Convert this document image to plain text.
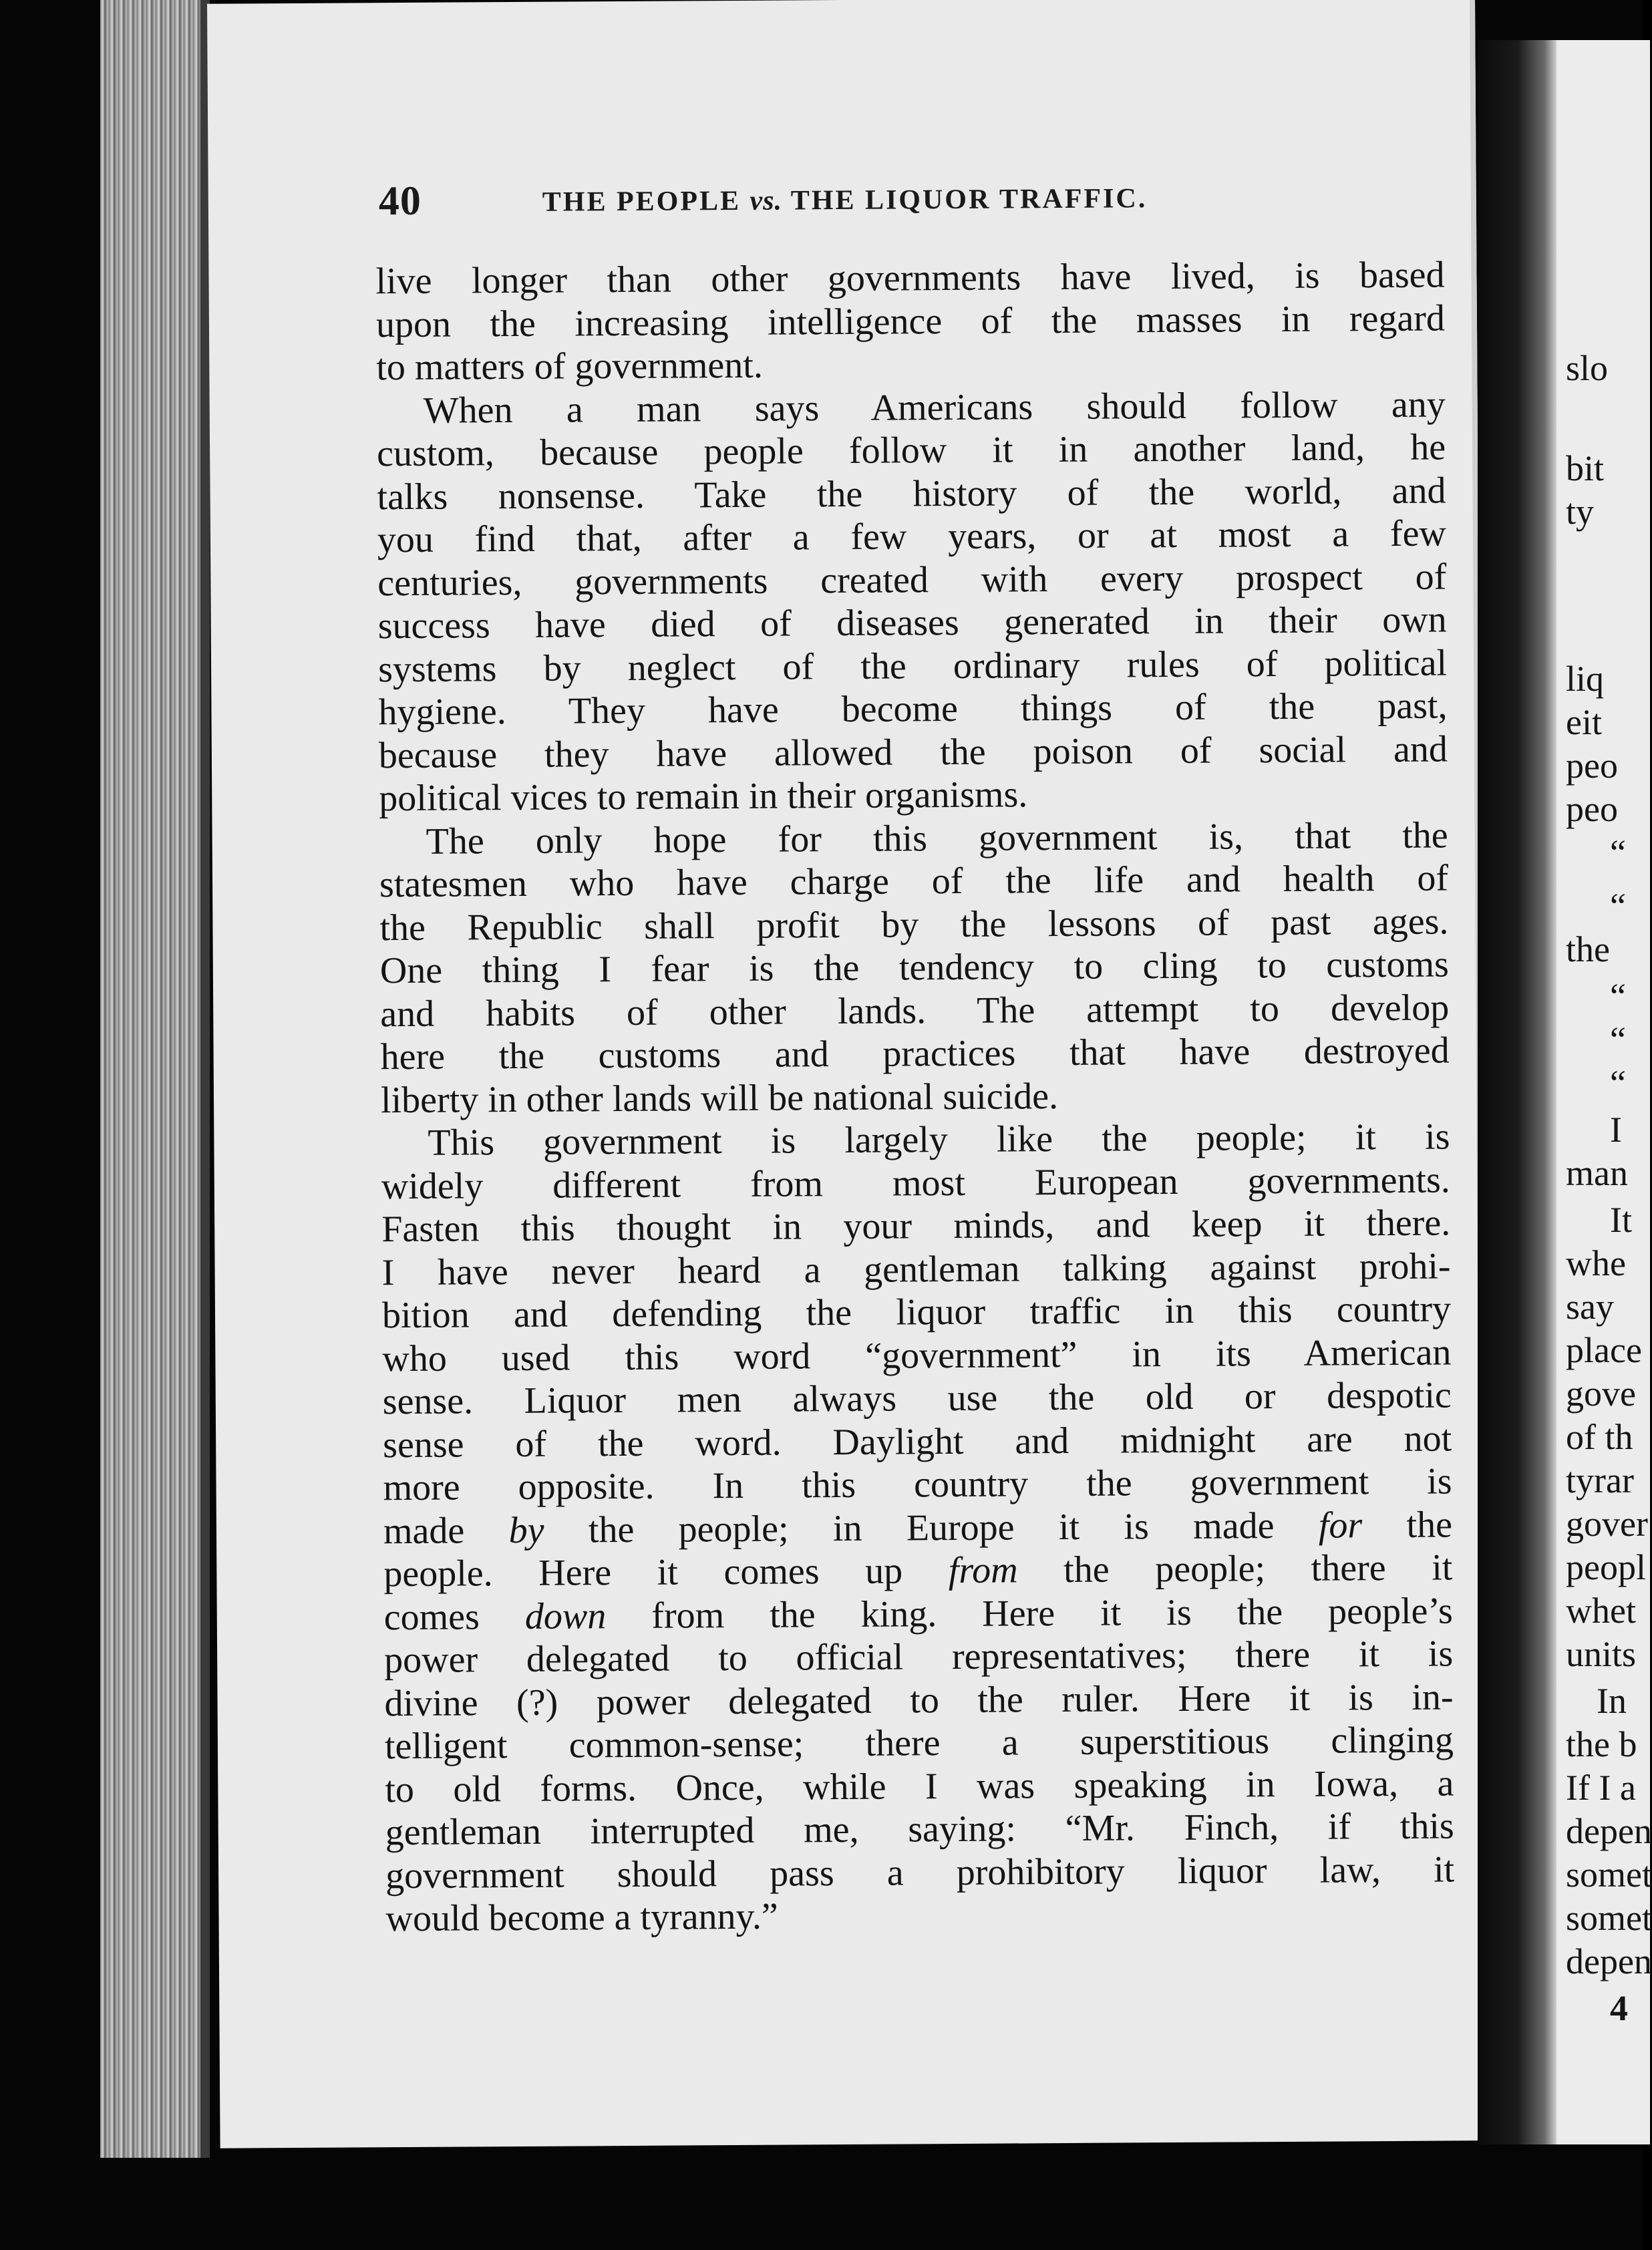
40	THE PEOPLE vs. THE LIQUOR TRAFFIC.
live longer than other governments have lived, is based
upon the increasing intelligence of the masses in regard
to matters of government.
When a man says Americans should follow any
custom, because people follow it in another land, he
talks nonsense. Take the history of the world, and
you find that, after a few years, or at most a few
centuries, governments created with every prospect of
success have died of diseases generated in their own
systems by neglect of the ordinary rules of political
hygiene. They have become things of the past,
because they have allowed the poison of social and
political vices to remain in their organisms.
The only hope for this government is, that the
statesmen who have charge of the life and health of
the Republic shall profit by the lessons of past ages.
One thing I fear is the tendency to cling to customs
and habits of other lands. The attempt to develop
here the customs and practices that have destroyed
liberty in other lands will be national suicide.
This government is largely like the people; it is
widely different from most European governments.
Fasten this thought in your minds, and keep it there.
I have never heard a gentleman talking against prohi-
bition and defending the liquor traffic in this country
who used this word “government” in its American
sense. Liquor men always use the old or despotic
sense of the word. Daylight and midnight are not
more opposite. In this country the government is
made by the people; in Europe it is made for the
people. Here it comes up from the people; there it
comes down from the king. Here it is the people’s
power delegated to official representatives; there it is
divine (?) power delegated to the ruler. Here it is in-
telligent common-sense; there a superstitious clinging
to old forms. Once, while I was speaking in Iowa, a
gentleman interrupted me, saying: “Mr. Finch, if this
government should pass a prohibitory liquor law, it
would become a tyranny.”
slo
bit
ty
liq
eit
peo
peo
“
“
the
“
“
“
I
man
It
whe
say
place
gove
of th
tyrar
gover
peopl
whet
units
In
the b
If I a
depen
somet
somet
depen
4
